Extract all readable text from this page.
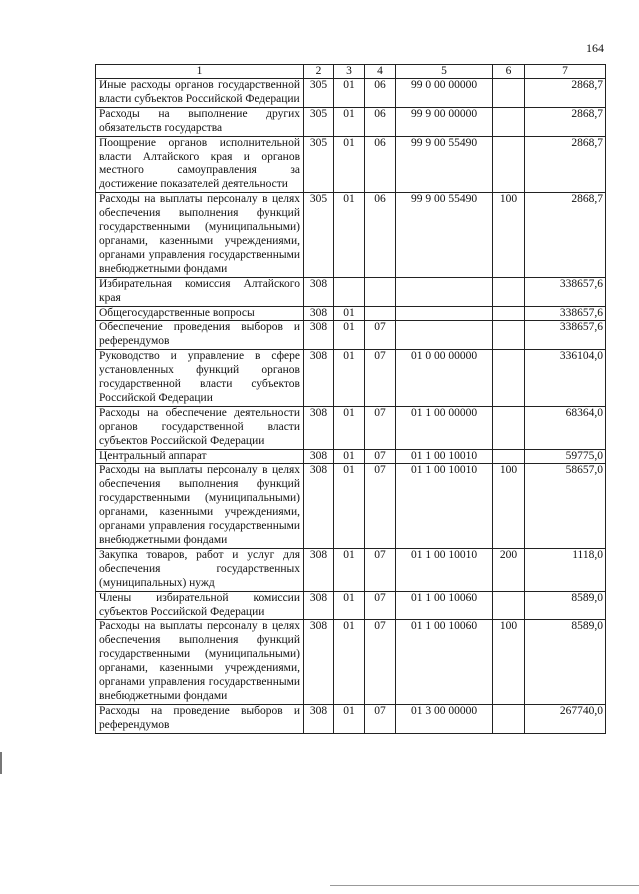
164
1	2	3	4	5	6	7
Иные расходы органов государственной власти субъектов Российской Федерации	305	01	06	99 0 00 00000		2868,7
Расходы на выполнение других обязательств государства	305	01	06	99 9 00 00000		2868,7
Поощрение органов исполнительной власти Алтайского края и органов местного самоуправления за достижение показателей деятельности	305	01	06	99 9 00 55490		2868,7
Расходы на выплаты персоналу в целях обеспечения выполнения функций государственными (муниципальными) органами, казенными учреждениями, органами управления государственными внебюджетными фондами	305	01	06	99 9 00 55490	100	2868,7
Избирательная комиссия Алтайского края	308					338657,6
Общегосударственные вопросы	308	01				338657,6
Обеспечение проведения выборов и референдумов	308	01	07			338657,6
Руководство и управление в сфере установленных функций органов государственной власти субъектов Российской Федерации	308	01	07	01 0 00 00000		336104,0
Расходы на обеспечение деятельности органов государственной власти субъектов Российской Федерации	308	01	07	01 1 00 00000		68364,0
Центральный аппарат	308	01	07	01 1 00 10010		59775,0
Расходы на выплаты персоналу в целях обеспечения выполнения функций государственными (муниципальными) органами, казенными учреждениями, органами управления государственными внебюджетными фондами	308	01	07	01 1 00 10010	100	58657,0
Закупка товаров, работ и услуг для обеспечения государственных (муниципальных) нужд	308	01	07	01 1 00 10010	200	1118,0
Члены избирательной комиссии субъектов Российской Федерации	308	01	07	01 1 00 10060		8589,0
Расходы на выплаты персоналу в целях обеспечения выполнения функций государственными (муниципальными) органами, казенными учреждениями, органами управления государственными внебюджетными фондами	308	01	07	01 1 00 10060	100	8589,0
Расходы на проведение выборов и референдумов	308	01	07	01 3 00 00000		267740,0
